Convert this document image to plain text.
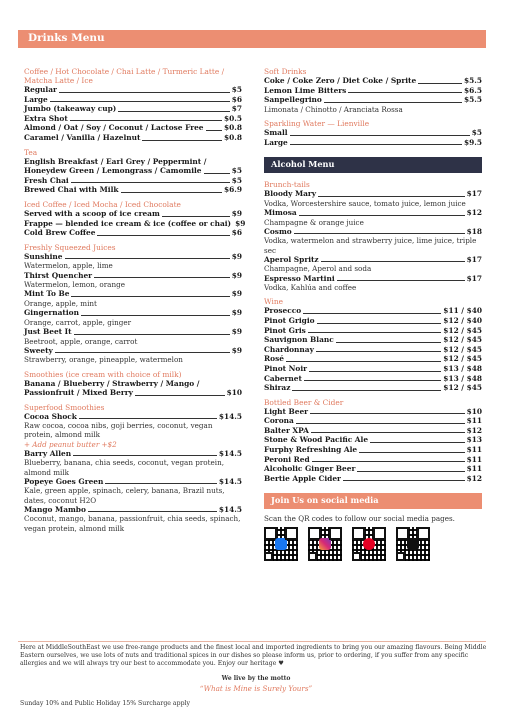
Drinks Menu
Coffee / Hot Chocolate / Chai Latte / Turmeric Latte / Matcha Latte / Ice
Regular	$5
Large	$6
Jumbo (takeaway cup)	$7
Extra Shot	$0.5
Almond / Oat / Soy / Coconut / Lactose Free	$0.8
Caramel / Vanilla / Hazelnut	$0.8
Tea
English Breakfast / Earl Grey / Peppermint /
Honeydew Green / Lemongrass / Camomile	$5
Fresh Chai	$5
Brewed Chai with Milk	$6.9
Iced Coffee / Iced Mocha / Iced Chocolate
Served with a scoop of ice cream	$9
Frappe — blended ice cream & ice (coffee or chai) $9
Cold Brew Coffee	$6
Freshly Squeezed Juices
Sunshine	$9
Watermelon, apple, lime
Thirst Quencher	$9
Watermelon, lemon, orange
Mint To Be	$9
Orange, apple, mint
Gingernation	$9
Orange, carrot, apple, ginger
Just Beet It	$9
Beetroot, apple, orange, carrot
Sweety	$9
Strawberry, orange, pineapple, watermelon
Smoothies (ice cream with choice of milk)
Banana / Blueberry / Strawberry / Mango /
Passionfruit / Mixed Berry	$10
Superfood Smoothies
Cocoa Shock	$14.5
Raw cocoa, cocoa nibs, goji berries, coconut, vegan protein, almond milk
+ Add peanut butter +$2
Barry Allen	$14.5
Blueberry, banana, chia seeds, coconut, vegan protein, almond milk
Popeye Goes Green	$14.5
Kale, green apple, spinach, celery, banana, Brazil nuts, dates, coconut H2O
Mango Mambo	$14.5
Coconut, mango, banana, passionfruit, chia seeds, spinach, vegan protein, almond milk
Soft Drinks
Coke / Coke Zero / Diet Coke / Sprite	$5.5
Lemon Lime Bitters	$6.5
Sanpellegrino	$5.5
Limonata / Chinotto / Aranciata Rossa
Sparkling Water — Lienville
Small	$5
Large	$9.5
Alcohol Menu
Brunch-tails
Bloody Mary	$17
Vodka, Worcestershire sauce, tomato juice, lemon juice
Mimosa	$12
Champagne & orange juice
Cosmo	$18
Vodka, watermelon and strawberry juice, lime juice, triple sec
Aperol Spritz	$17
Champagne, Aperol and soda
Espresso Martini	$17
Vodka, Kahlúa and coffee
Wine
Prosecco	$11 / $40
Pinot Grigio	$12 / $40
Pinot Gris	$12 / $45
Sauvignon Blanc	$12 / $45
Chardonnay	$12 / $45
Rosé	$12 / $45
Pinot Noir	$13 / $48
Cabernet	$13 / $48
Shiraz	$12 / $45
Bottled Beer & Cider
Light Beer	$10
Corona	$11
Balter XPA	$12
Stone & Wood Pacific Ale	$13
Furphy Refreshing Ale	$11
Peroni Red	$11
Alcoholic Ginger Beer	$11
Bertie Apple Cider	$12
Join Us on social media
Scan the QR codes to follow our social media pages.
Here at MiddleSouthEast we use free-range products and the finest local and imported ingredients to bring you our amazing flavours. Being Middle Eastern ourselves, we use lots of nuts and traditional spices in our dishes so please inform us, prior to ordering, if you suffer from any specific allergies and we will always try our best to accommodate you. Enjoy our heritage ♥
We live by the motto
“What is Mine is Surely Yours”
Sunday 10% and Public Holiday 15% Surcharge apply
